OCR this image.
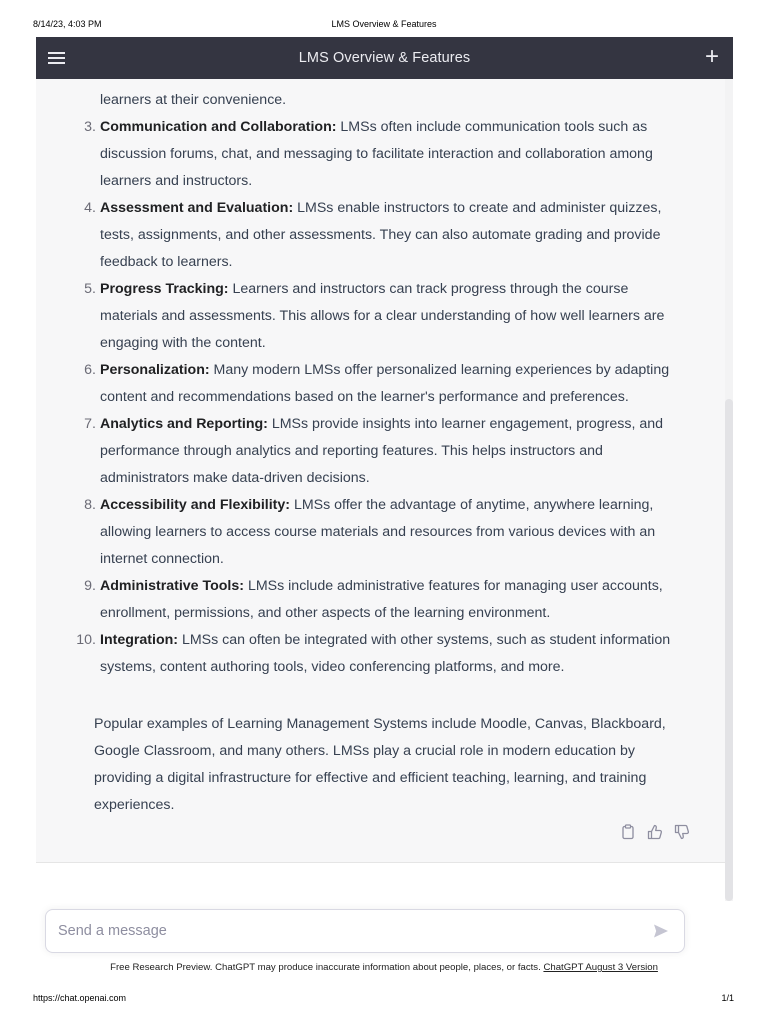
8/14/23, 4:03 PM	LMS Overview & Features
LMS Overview & Features	+
learners at their convenience.
3. Communication and Collaboration: LMSs often include communication tools such as
discussion forums, chat, and messaging to facilitate interaction and collaboration among
learners and instructors.
4. Assessment and Evaluation: LMSs enable instructors to create and administer quizzes,
tests, assignments, and other assessments. They can also automate grading and provide
feedback to learners.
5. Progress Tracking: Learners and instructors can track progress through the course
materials and assessments. This allows for a clear understanding of how well learners are
engaging with the content.
6. Personalization: Many modern LMSs offer personalized learning experiences by adapting
content and recommendations based on the learner's performance and preferences.
7. Analytics and Reporting: LMSs provide insights into learner engagement, progress, and
performance through analytics and reporting features. This helps instructors and
administrators make data-driven decisions.
8. Accessibility and Flexibility: LMSs offer the advantage of anytime, anywhere learning,
allowing learners to access course materials and resources from various devices with an
internet connection.
9. Administrative Tools: LMSs include administrative features for managing user accounts,
enrollment, permissions, and other aspects of the learning environment.
10. Integration: LMSs can often be integrated with other systems, such as student information
systems, content authoring tools, video conferencing platforms, and more.
Popular examples of Learning Management Systems include Moodle, Canvas, Blackboard,
Google Classroom, and many others. LMSs play a crucial role in modern education by
providing a digital infrastructure for effective and efficient teaching, learning, and training
experiences.
Send a message
Free Research Preview. ChatGPT may produce inaccurate information about people, places, or facts. ChatGPT August 3 Version
https://chat.openai.com	1/1
